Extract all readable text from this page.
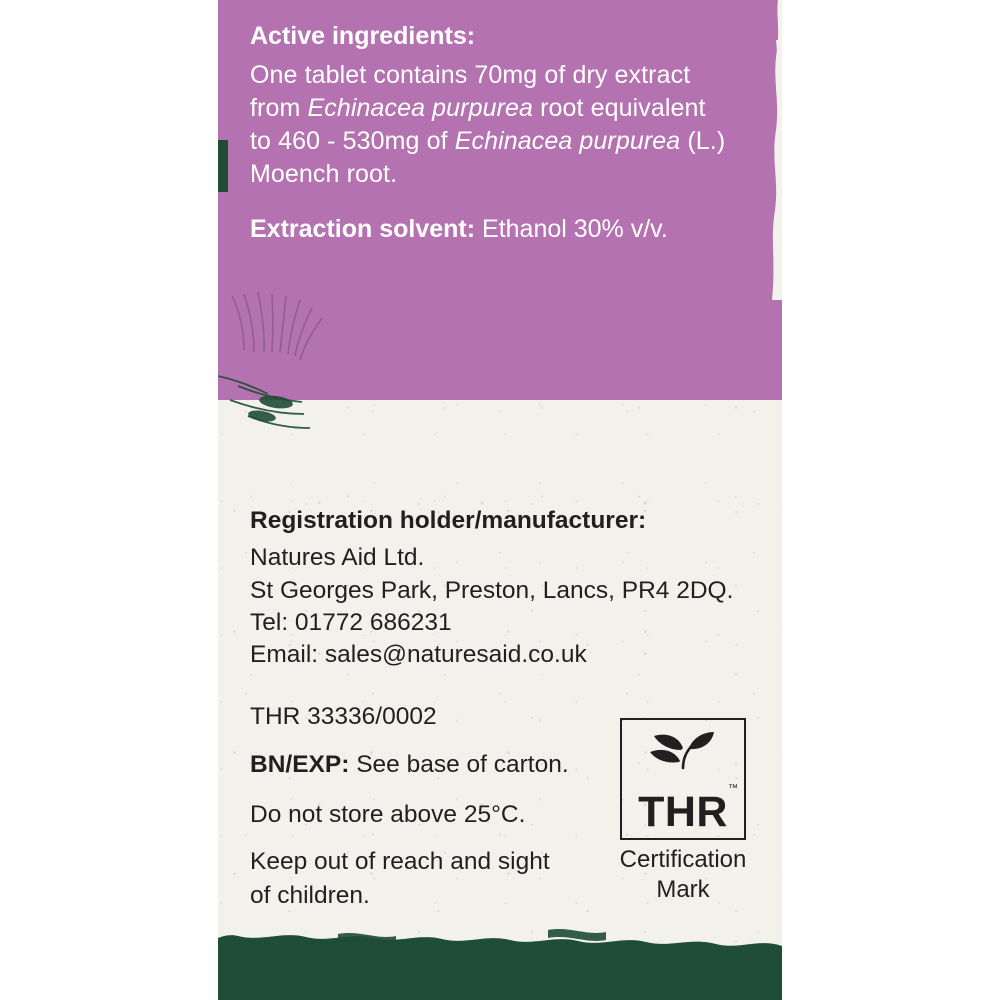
Active ingredients:
One tablet contains 70mg of dry extract
from Echinacea purpurea root equivalent
to 460 - 530mg of Echinacea purpurea (L.)
Moench root.
Extraction solvent: Ethanol 30% v/v.
Registration holder/manufacturer:
Natures Aid Ltd.
St Georges Park, Preston, Lancs, PR4 2DQ.
Tel: 01772 686231
Email: sales@naturesaid.co.uk
THR 33336/0002
BN/EXP: See base of carton.
Do not store above 25°C.
Keep out of reach and sight
of children.
™
THR
Certification
Mark
